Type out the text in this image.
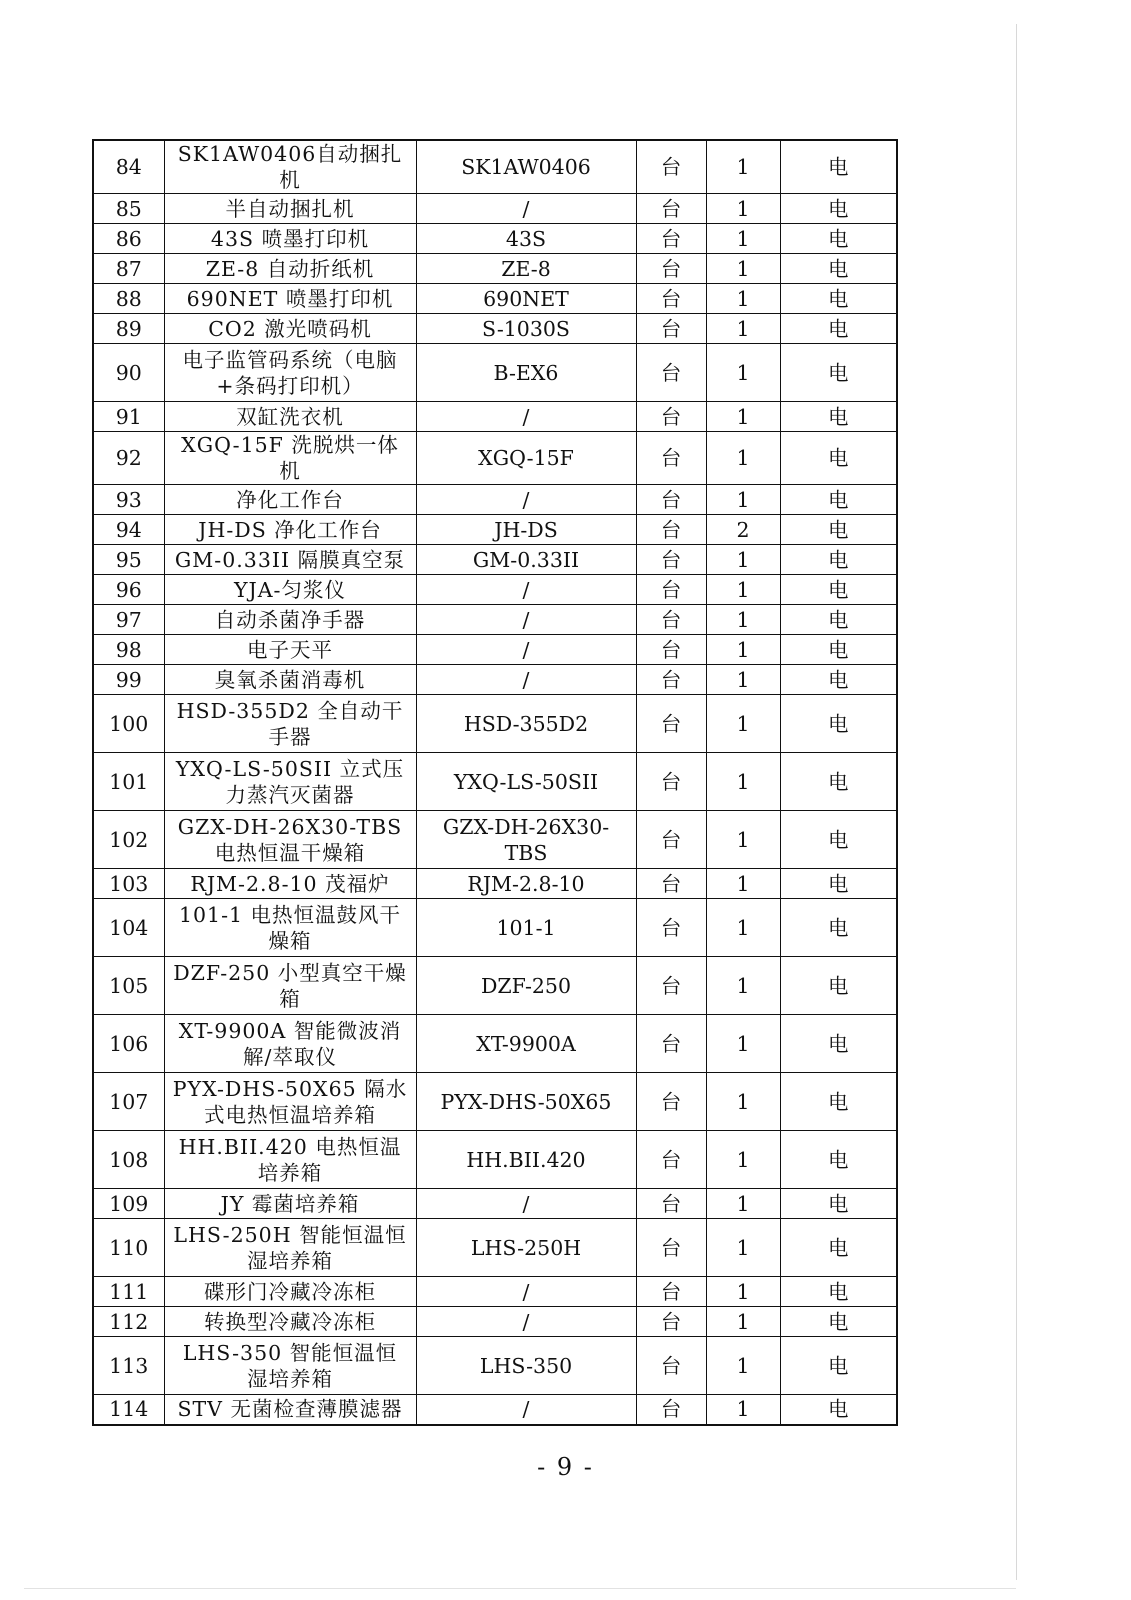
84	SK1AW0406自动捆扎机	SK1AW0406	台	1	电
85	半自动捆扎机	/	台	1	电
86	43S 喷墨打印机	43S	台	1	电
87	ZE-8 自动折纸机	ZE-8	台	1	电
88	690NET 喷墨打印机	690NET	台	1	电
89	CO2 激光喷码机	S-1030S	台	1	电
90	电子监管码系统（电脑+条码打印机）	B-EX6	台	1	电
91	双缸洗衣机	/	台	1	电
92	XGQ-15F 洗脱烘一体机	XGQ-15F	台	1	电
93	净化工作台	/	台	1	电
94	JH-DS 净化工作台	JH-DS	台	2	电
95	GM-0.33II 隔膜真空泵	GM-0.33II	台	1	电
96	YJA-匀浆仪	/	台	1	电
97	自动杀菌净手器	/	台	1	电
98	电子天平	/	台	1	电
99	臭氧杀菌消毒机	/	台	1	电
100	HSD-355D2 全自动干手器	HSD-355D2	台	1	电
101	YXQ-LS-50SII 立式压力蒸汽灭菌器	YXQ-LS-50SII	台	1	电
102	GZX-DH-26X30-TBS 电热恒温干燥箱	GZX-DH-26X30-TBS	台	1	电
103	RJM-2.8-10 茂福炉	RJM-2.8-10	台	1	电
104	101-1 电热恒温鼓风干燥箱	101-1	台	1	电
105	DZF-250 小型真空干燥箱	DZF-250	台	1	电
106	XT-9900A 智能微波消解/萃取仪	XT-9900A	台	1	电
107	PYX-DHS-50X65 隔水式电热恒温培养箱	PYX-DHS-50X65	台	1	电
108	HH.BII.420 电热恒温培养箱	HH.BII.420	台	1	电
109	JY 霉菌培养箱	/	台	1	电
110	LHS-250H 智能恒温恒湿培养箱	LHS-250H	台	1	电
111	碟形门冷藏冷冻柜	/	台	1	电
112	转换型冷藏冷冻柜	/	台	1	电
113	LHS-350 智能恒温恒湿培养箱	LHS-350	台	1	电
114	STV 无菌检查薄膜滤器	/	台	1	电
- 9 -
